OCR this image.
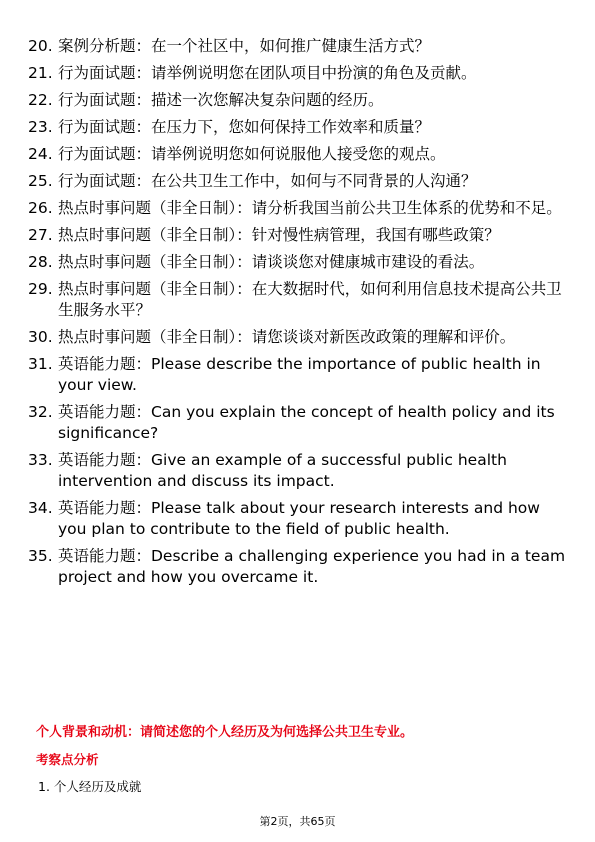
20. 案例分析题：在一个社区中，如何推广健康生活方式？
21. 行为面试题：请举例说明您在团队项目中扮演的角色及贡献。
22. 行为面试题：描述一次您解决复杂问题的经历。
23. 行为面试题：在压力下，您如何保持工作效率和质量？
24. 行为面试题：请举例说明您如何说服他人接受您的观点。
25. 行为面试题：在公共卫生工作中，如何与不同背景的人沟通？
26. 热点时事问题（非全日制）：请分析我国当前公共卫生体系的优势和不足。
27. 热点时事问题（非全日制）：针对慢性病管理，我国有哪些政策？
28. 热点时事问题（非全日制）：请谈谈您对健康城市建设的看法。
29. 热点时事问题（非全日制）：在大数据时代，如何利用信息技术提高公共卫生服务水平？
30. 热点时事问题（非全日制）：请您谈谈对新医改政策的理解和评价。
31. 英语能力题：Please describe the importance of public health in your view.
32. 英语能力题：Can you explain the concept of health policy and its significance?
33. 英语能力题：Give an example of a successful public health intervention and discuss its impact.
34. 英语能力题：Please talk about your research interests and how you plan to contribute to the field of public health.
35. 英语能力题：Describe a challenging experience you had in a team project and how you overcame it.
个人背景和动机：请简述您的个人经历及为何选择公共卫生专业。
考察点分析
1. 个人经历及成就
第2页，共65页
